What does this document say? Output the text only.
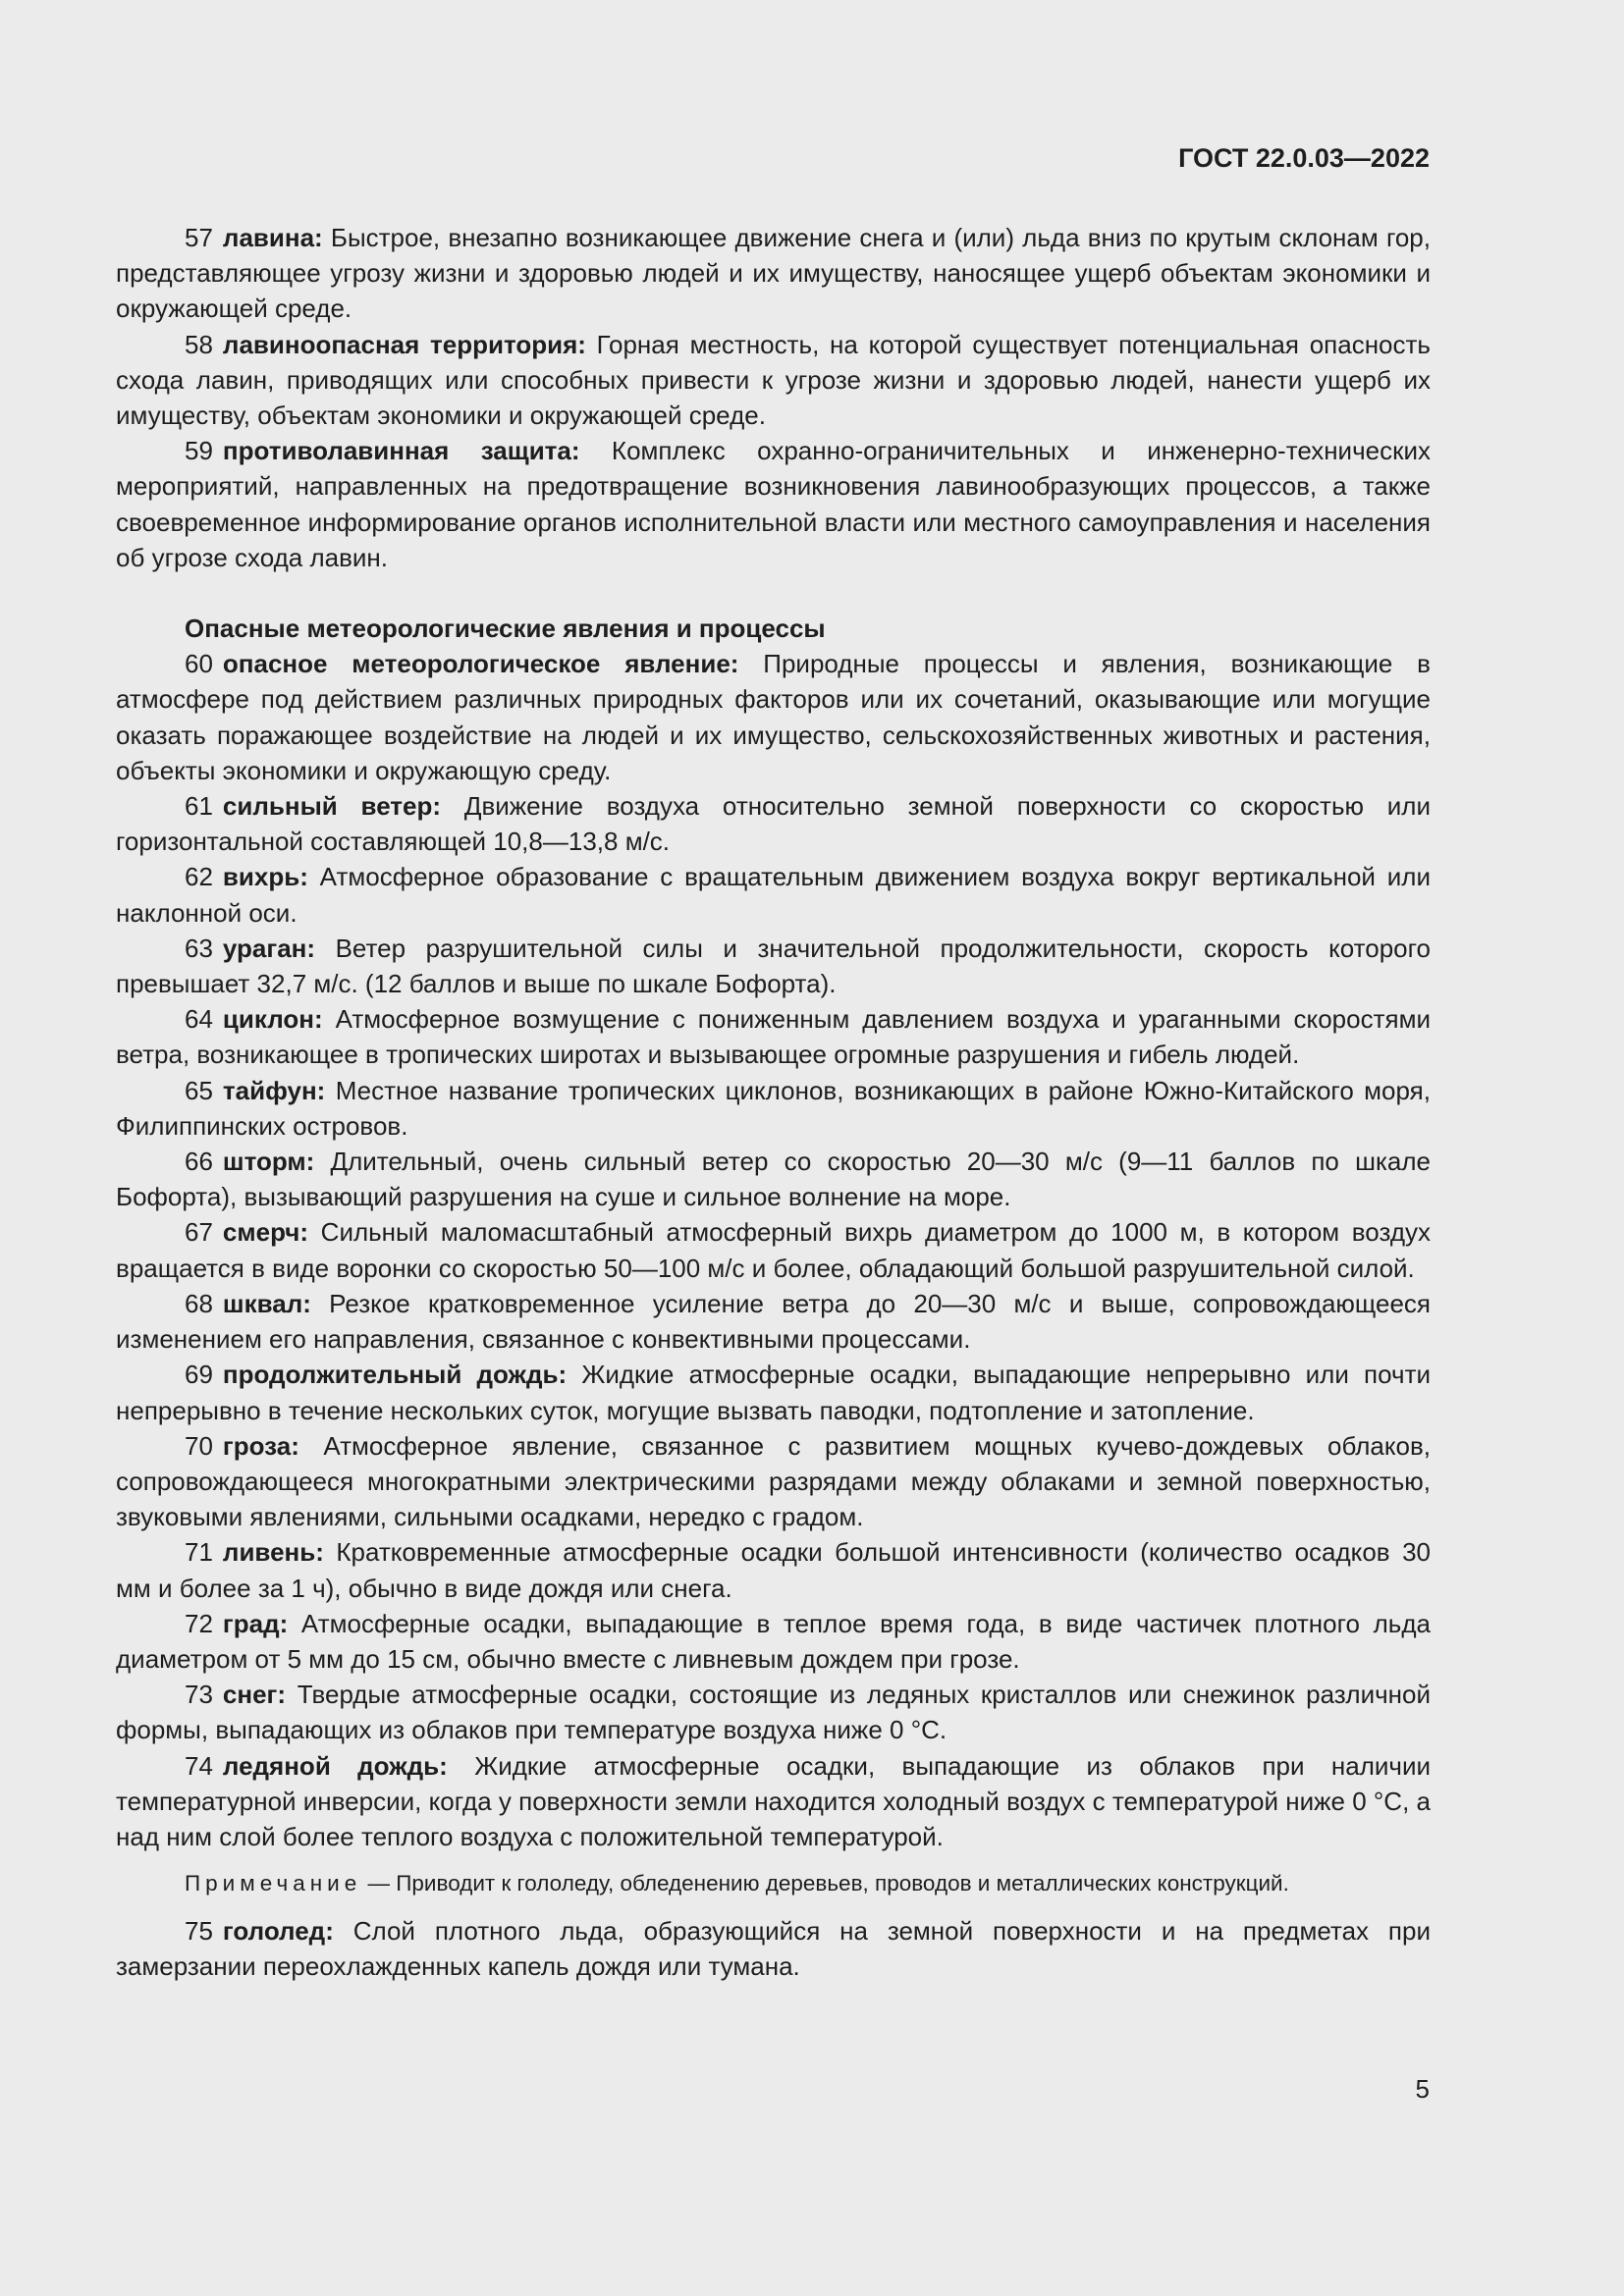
ГОСТ 22.0.03—2022

57 лавина: Быстрое, внезапно возникающее движение снега и (или) льда вниз по крутым склонам гор, представляющее угрозу жизни и здоровью людей и их имуществу, наносящее ущерб объектам экономики и окружающей среде.

58 лавиноопасная территория: Горная местность, на которой существует потенциальная опасность схода лавин, приводящих или способных привести к угрозе жизни и здоровью людей, нанести ущерб их имуществу, объектам экономики и окружающей среде.

59 противолавинная защита: Комплекс охранно-ограничительных и инженерно-технических мероприятий, направленных на предотвращение возникновения лавинообразующих процессов, а также своевременное информирование органов исполнительной власти или местного самоуправления и населения об угрозе схода лавин.

Опасные метеорологические явления и процессы

60 опасное метеорологическое явление: Природные процессы и явления, возникающие в атмосфере под действием различных природных факторов или их сочетаний, оказывающие или могущие оказать поражающее воздействие на людей и их имущество, сельскохозяйственных животных и растения, объекты экономики и окружающую среду.

61 сильный ветер: Движение воздуха относительно земной поверхности со скоростью или горизонтальной составляющей 10,8—13,8 м/с.

62 вихрь: Атмосферное образование с вращательным движением воздуха вокруг вертикальной или наклонной оси.

63 ураган: Ветер разрушительной силы и значительной продолжительности, скорость которого превышает 32,7 м/с. (12 баллов и выше по шкале Бофорта).

64 циклон: Атмосферное возмущение с пониженным давлением воздуха и ураганными скоростями ветра, возникающее в тропических широтах и вызывающее огромные разрушения и гибель людей.

65 тайфун: Местное название тропических циклонов, возникающих в районе Южно-Китайского моря, Филиппинских островов.

66 шторм: Длительный, очень сильный ветер со скоростью 20—30 м/с (9—11 баллов по шкале Бофорта), вызывающий разрушения на суше и сильное волнение на море.

67 смерч: Сильный маломасштабный атмосферный вихрь диаметром до 1000 м, в котором воздух вращается в виде воронки со скоростью 50—100 м/с и более, обладающий большой разрушительной силой.

68 шквал: Резкое кратковременное усиление ветра до 20—30 м/с и выше, сопровождающееся изменением его направления, связанное с конвективными процессами.

69 продолжительный дождь: Жидкие атмосферные осадки, выпадающие непрерывно или почти непрерывно в течение нескольких суток, могущие вызвать паводки, подтопление и затопление.

70 гроза: Атмосферное явление, связанное с развитием мощных кучево-дождевых облаков, сопровождающееся многократными электрическими разрядами между облаками и земной поверхностью, звуковыми явлениями, сильными осадками, нередко с градом.

71 ливень: Кратковременные атмосферные осадки большой интенсивности (количество осадков 30 мм и более за 1 ч), обычно в виде дождя или снега.

72 град: Атмосферные осадки, выпадающие в теплое время года, в виде частичек плотного льда диаметром от 5 мм до 15 см, обычно вместе с ливневым дождем при грозе.

73 снег: Твердые атмосферные осадки, состоящие из ледяных кристаллов или снежинок различной формы, выпадающих из облаков при температуре воздуха ниже 0 °С.

74 ледяной дождь: Жидкие атмосферные осадки, выпадающие из облаков при наличии температурной инверсии, когда у поверхности земли находится холодный воздух с температурой ниже 0 °С, а над ним слой более теплого воздуха с положительной температурой.

Примечание — Приводит к гололеду, обледенению деревьев, проводов и металлических конструкций.

75 гололед: Слой плотного льда, образующийся на земной поверхности и на предметах при замерзании переохлажденных капель дождя или тумана.

5
